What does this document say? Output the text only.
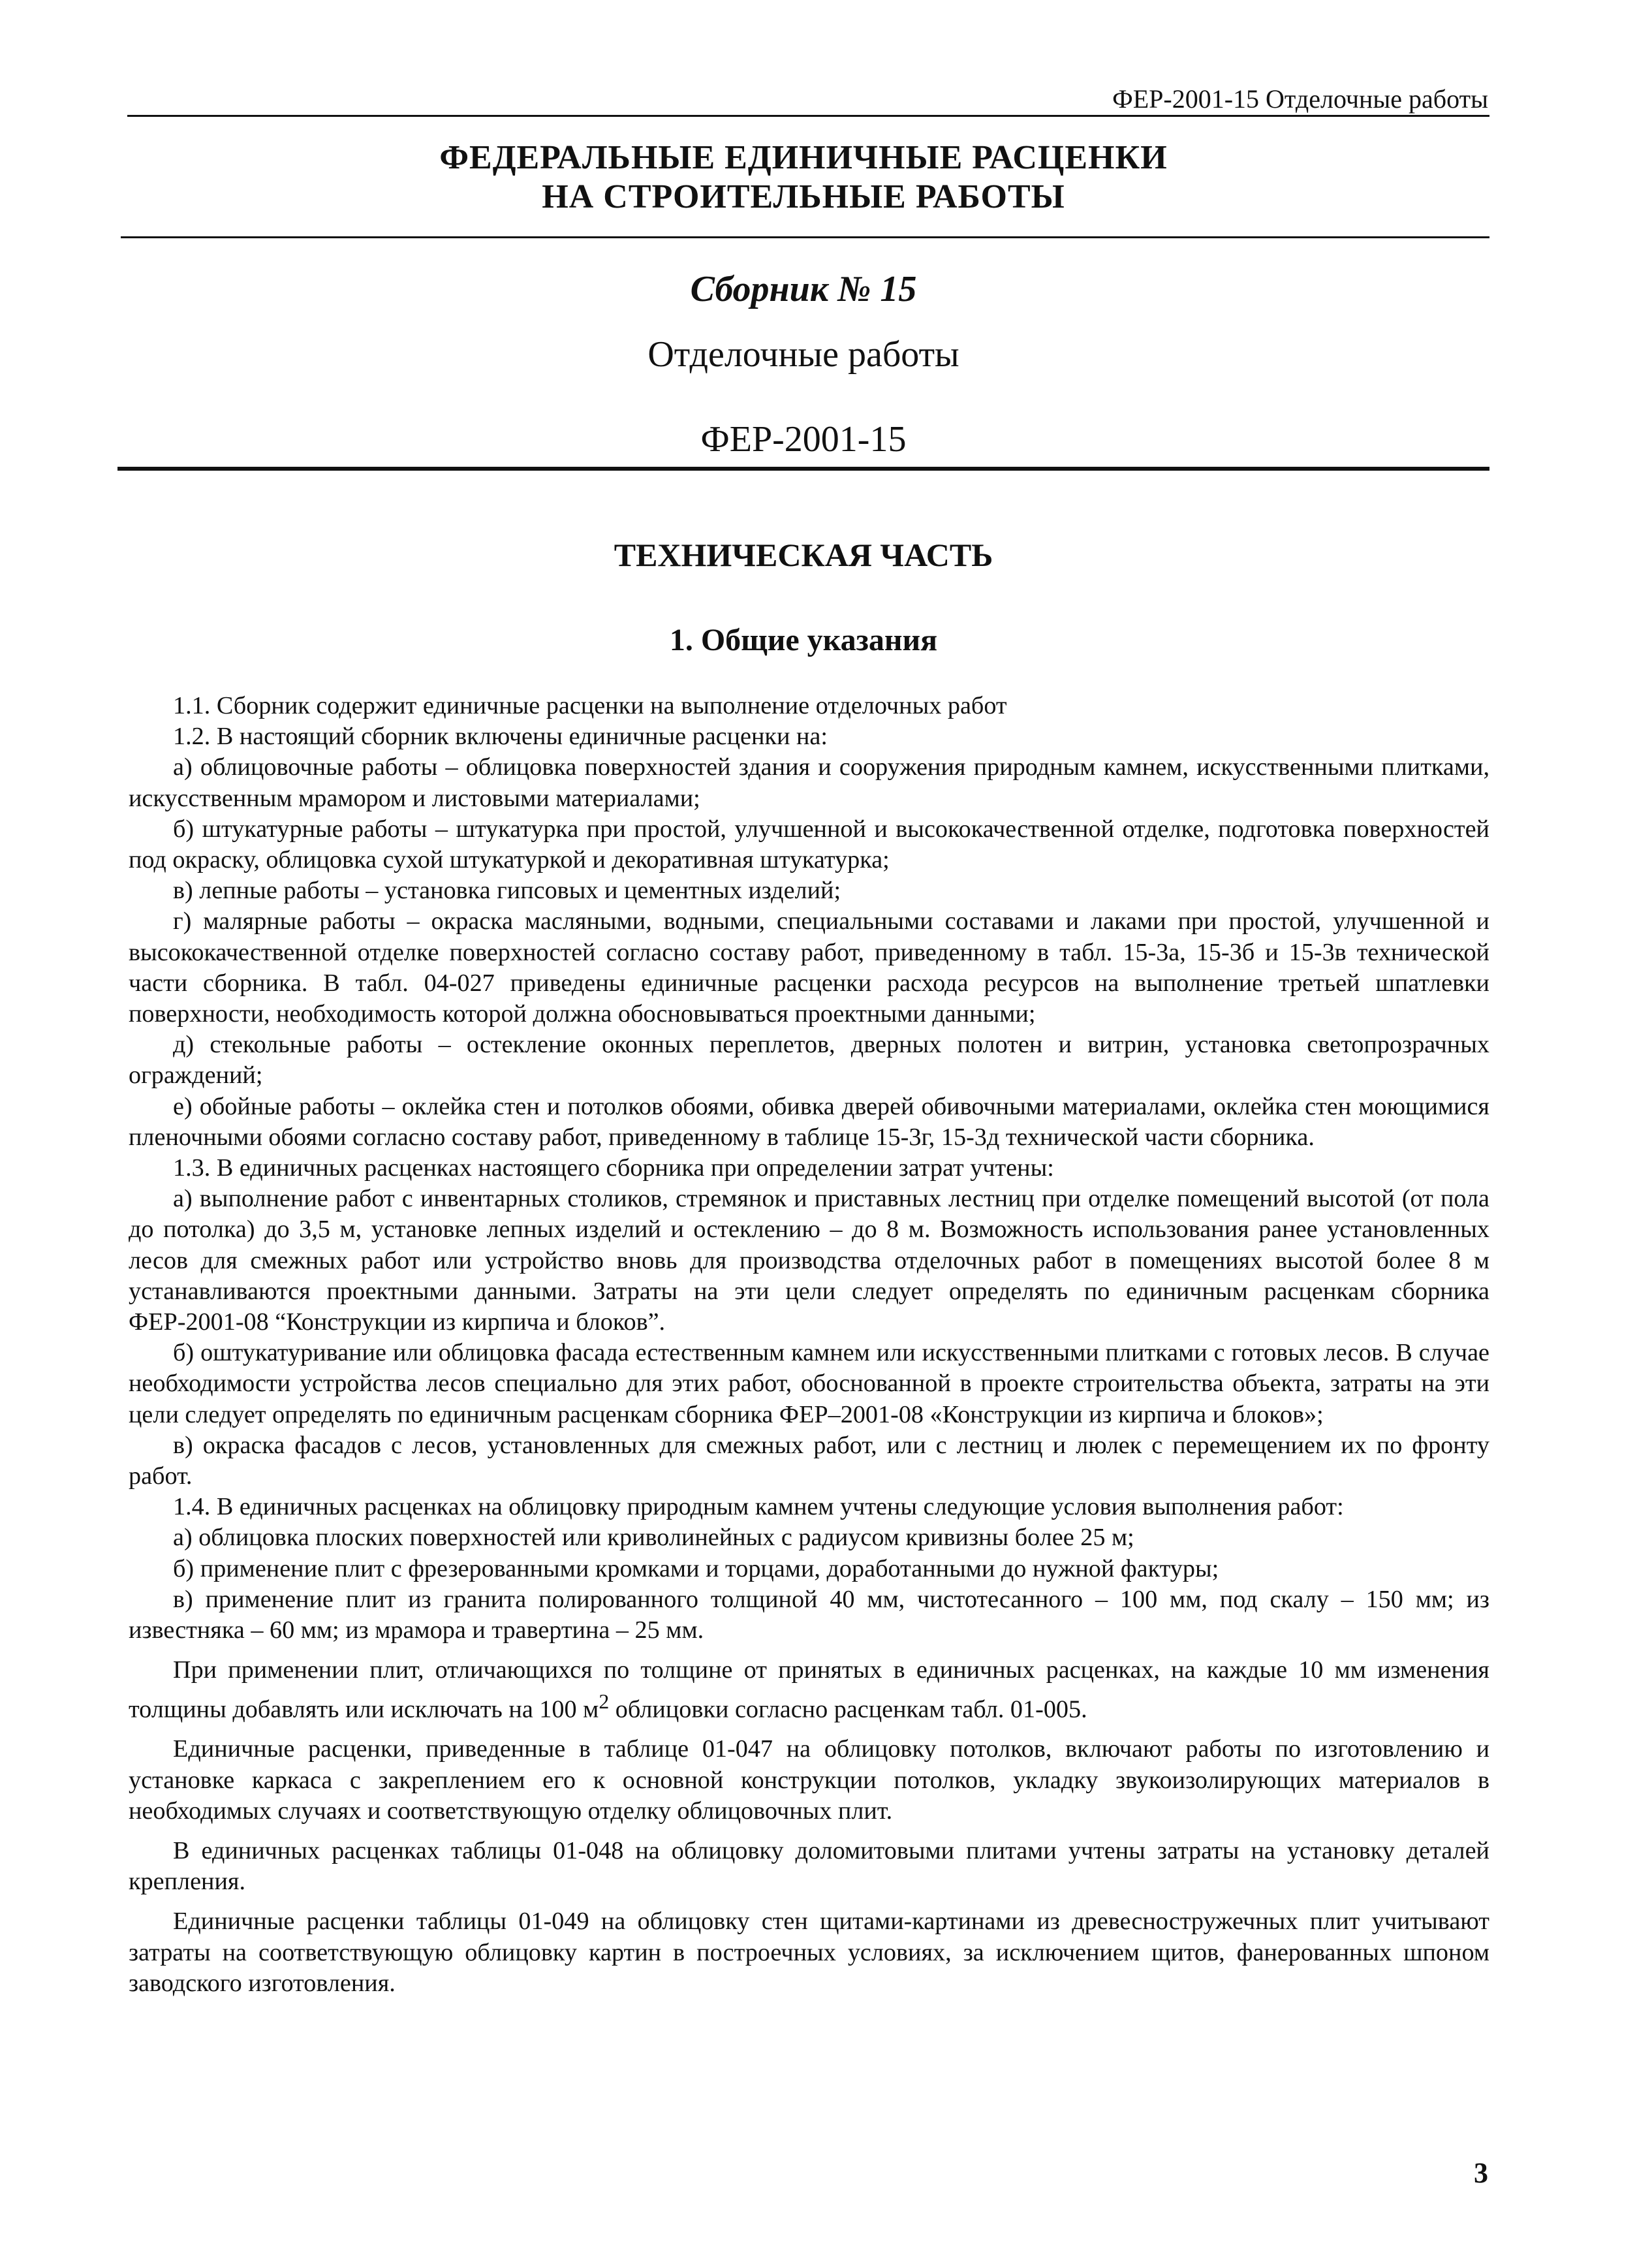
ФЕР-2001-15 Отделочные работы
ФЕДЕРАЛЬНЫЕ ЕДИНИЧНЫЕ РАСЦЕНКИ
НА СТРОИТЕЛЬНЫЕ РАБОТЫ
Сборник № 15
Отделочные работы
ФЕР-2001-15
ТЕХНИЧЕСКАЯ ЧАСТЬ
1. Общие указания

1.1. Сборник содержит единичные расценки на выполнение отделочных работ

1.2. В настоящий сборник включены единичные расценки на:

а) облицовочные работы – облицовка поверхностей здания и сооружения природным камнем, искусственными плитками, искусственным мрамором и листовыми материалами;

б) штукатурные работы – штукатурка при простой, улучшенной и высококачественной отделке, подготовка поверхностей под окраску, облицовка сухой штукатуркой и декоративная штукатурка;

в) лепные работы – установка гипсовых и цементных изделий;

г) малярные работы – окраска масляными, водными, специальными составами и лаками при простой, улучшенной и высококачественной отделке поверхностей согласно составу работ, приведенному в табл. 15-3а, 15-3б и 15-3в технической части сборника. В табл. 04-027 приведены единичные расценки расхода ресурсов на выполнение третьей шпатлевки поверхности, необходимость которой должна обосновываться проектными данными;

д) стекольные работы – остекление оконных переплетов, дверных полотен и витрин, установка светопрозрачных ограждений;

е) обойные работы – оклейка стен и потолков обоями, обивка дверей обивочными материалами, оклейка стен моющимися пленочными обоями согласно составу работ, приведенному в таблице 15-3г, 15-3д технической части сборника.

1.3. В единичных расценках настоящего сборника при определении затрат учтены:

а) выполнение работ с инвентарных столиков, стремянок и приставных лестниц при отделке помещений высотой (от пола до потолка) до 3,5 м, установке лепных изделий и остеклению – до 8 м. Возможность использования ранее установленных лесов для смежных работ или устройство вновь для производства отделочных работ в помещениях высотой более 8 м устанавливаются проектными данными. Затраты на эти цели следует определять по единичным расценкам сборника ФЕР-2001-08 “Конструкции из кирпича и блоков”.

б) оштукатуривание или облицовка фасада естественным камнем или искусственными плитками с готовых лесов. В случае необходимости устройства лесов специально для этих работ, обоснованной в проекте строительства объекта, затраты на эти цели следует определять по единичным расценкам сборника ФЕР–2001-08 «Конструкции из кирпича и блоков»;

в) окраска фасадов с лесов, установленных для смежных работ, или с лестниц и люлек с перемещением их по фронту работ.

1.4. В единичных расценках на облицовку природным камнем учтены следующие условия выполнения работ:

а) облицовка плоских поверхностей или криволинейных с радиусом кривизны более 25 м;

б) применение плит с фрезерованными кромками и торцами, доработанными до нужной фактуры;

в) применение плит из гранита полированного толщиной 40 мм, чистотесанного – 100 мм, под скалу – 150 мм; из известняка – 60 мм; из мрамора и травертина – 25 мм.

При применении плит, отличающихся по толщине от принятых в единичных расценках, на каждые 10 мм изменения толщины добавлять или исключать на 100 $м^2$ облицовки согласно расценкам табл. 01-005.

Единичные расценки, приведенные в таблице 01-047 на облицовку потолков, включают работы по изготовлению и установке каркаса с закреплением его к основной конструкции потолков, укладку звукоизолирующих материалов в необходимых случаях и соответствующую отделку облицовочных плит.

В единичных расценках таблицы 01-048 на облицовку доломитовыми плитами учтены затраты на установку деталей крепления.

Единичные расценки таблицы 01-049 на облицовку стен щитами-картинами из древесностружечных плит учитывают затраты на соответствующую облицовку картин в построечных условиях, за исключением щитов, фанерованных шпоном заводского изготовления.

3
